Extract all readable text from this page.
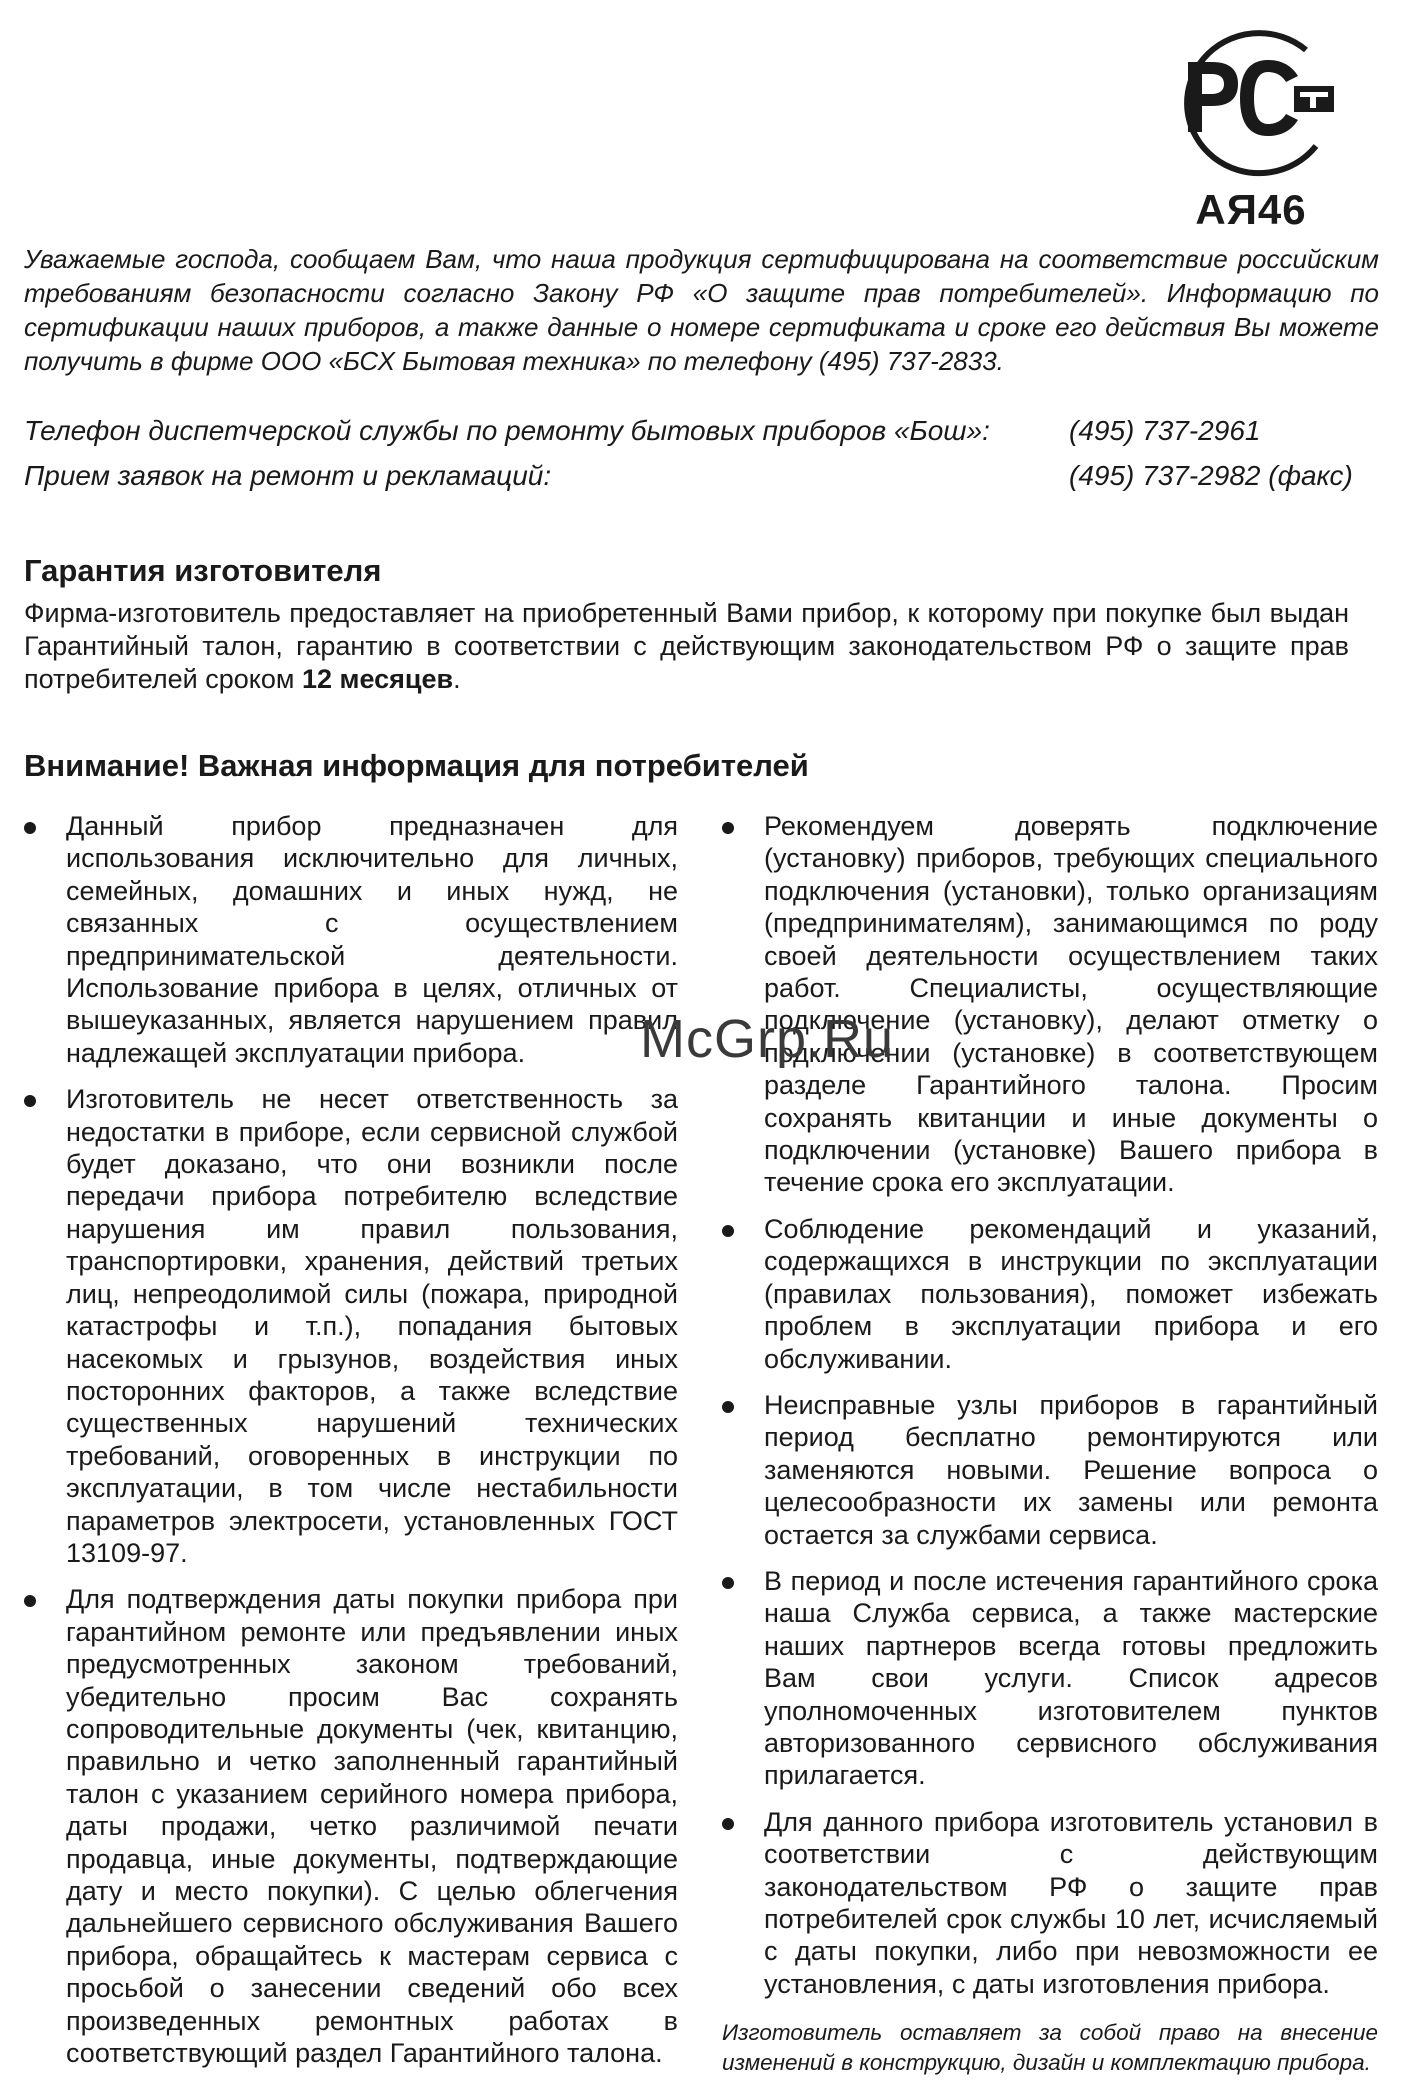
АЯ46
Уважаемые господа, сообщаем Вам, что наша продукция сертифицирована на соответствие российским требованиям безопасности согласно Закону РФ «О защите прав потребителей». Информацию по сертификации наших приборов, а также данные о номере сертификата и сроке его действия Вы можете получить в фирме ООО «БСХ Бытовая техника» по телефону (495) 737-2833.
Телефон диспетчерской службы по ремонту бытовых приборов «Бош»:	(495) 737-2961
Прием заявок на ремонт и рекламаций:	(495) 737-2982 (факс)
Гарантия изготовителя
Фирма-изготовитель предоставляет на приобретенный Вами прибор, к которому при покупке был выдан Гарантийный талон, гарантию в соответствии с действующим законодательством РФ о защите прав потребителей сроком 12 месяцев.
Внимание! Важная информация для потребителей
Данный прибор предназначен для использования исключительно для личных, семейных, домашних и иных нужд, не связанных с осуществлением предпринимательской деятельности. Использование прибора в целях, отличных от вышеуказанных, является нарушением правил надлежащей эксплуатации прибора.
Изготовитель не несет ответственность за недостатки в приборе, если сервисной службой будет доказано, что они возникли после передачи прибора потребителю вследствие нарушения им правил пользования, транспортировки, хранения, действий третьих лиц, непреодолимой силы (пожара, природной катастрофы и т.п.), попадания бытовых насекомых и грызунов, воздействия иных посторонних факторов, а также вследствие существенных нарушений технических требований, оговоренных в инструкции по эксплуатации, в том числе нестабильности параметров электросети, установленных ГОСТ 13109-97.
Для подтверждения даты покупки прибора при гарантийном ремонте или предъявлении иных предусмотренных законом требований, убедительно просим Вас сохранять сопроводительные документы (чек, квитанцию, правильно и четко заполненный гарантийный талон с указанием серийного номера прибора, даты продажи, четко различимой печати продавца, иные документы, подтверждающие дату и место покупки). С целью облегчения дальнейшего сервисного обслуживания Вашего прибора, обращайтесь к мастерам сервиса с просьбой о занесении сведений обо всех произведенных ремонтных работах в соответствующий раздел Гарантийного талона.
Рекомендуем доверять подключение (установку) приборов, требующих специального подключения (установки), только организациям (предпринимателям), занимающимся по роду своей деятельности осуществлением таких работ. Специалисты, осуществляющие подключение (установку), делают отметку о подключении (установке) в соответствующем разделе Гарантийного талона. Просим сохранять квитанции и иные документы о подключении (установке) Вашего прибора в течение срока его эксплуатации.
Соблюдение рекомендаций и указаний, содержащихся в инструкции по эксплуатации (правилах пользования), поможет избежать проблем в эксплуатации прибора и его обслуживании.
Неисправные узлы приборов в гарантийный период бесплатно ремонтируются или заменяются новыми. Решение вопроса о целесообразности их замены или ремонта остается за службами сервиса.
В период и после истечения гарантийного срока наша Служба сервиса, а также мастерские наших партнеров всегда готовы предложить Вам свои услуги. Список адресов уполномоченных изготовителем пунктов авторизованного сервисного обслуживания прилагается.
Для данного прибора изготовитель установил в соответствии с действующим законодательством РФ о защите прав потребителей срок службы 10 лет, исчисляемый с даты покупки, либо при невозможности ее установления, с даты изготовления прибора.
Изготовитель оставляет за собой право на внесение изменений в конструкцию, дизайн и комплектацию прибора.
McGrp.Ru
